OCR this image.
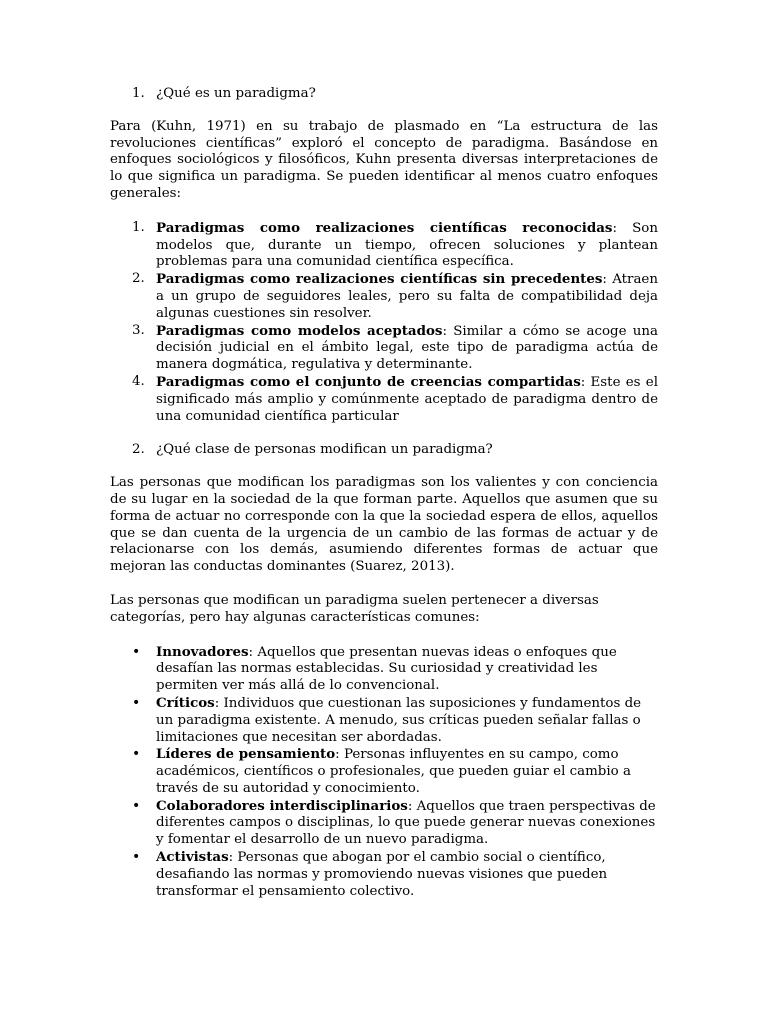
1. ¿Qué es un paradigma?

Para (Kuhn, 1971) en su trabajo de plasmado en “La estructura de las revoluciones científicas” exploró el concepto de paradigma. Basándose en enfoques sociológicos y filosóficos, Kuhn presenta diversas interpretaciones de lo que significa un paradigma. Se pueden identificar al menos cuatro enfoques generales:

1. Paradigmas como realizaciones científicas reconocidas: Son modelos que, durante un tiempo, ofrecen soluciones y plantean problemas para una comunidad científica específica.
2. Paradigmas como realizaciones científicas sin precedentes: Atraen a un grupo de seguidores leales, pero su falta de compatibilidad deja algunas cuestiones sin resolver.
3. Paradigmas como modelos aceptados: Similar a cómo se acoge una decisión judicial en el ámbito legal, este tipo de paradigma actúa de manera dogmática, regulativa y determinante.
4. Paradigmas como el conjunto de creencias compartidas: Este es el significado más amplio y comúnmente aceptado de paradigma dentro de una comunidad científica particular
2. ¿Qué clase de personas modifican un paradigma?

Las personas que modifican los paradigmas son los valientes y con conciencia de su lugar en la sociedad de la que forman parte. Aquellos que asumen que su forma de actuar no corresponde con la que la sociedad espera de ellos, aquellos que se dan cuenta de la urgencia de un cambio de las formas de actuar y de relacionarse con los demás, asumiendo diferentes formas de actuar que mejoran las conductas dominantes (Suarez, 2013).

Las personas que modifican un paradigma suelen pertenecer a diversas categorías, pero hay algunas características comunes:

• Innovadores: Aquellos que presentan nuevas ideas o enfoques que desafían las normas establecidas. Su curiosidad y creatividad les permiten ver más allá de lo convencional.
• Críticos: Individuos que cuestionan las suposiciones y fundamentos de un paradigma existente. A menudo, sus críticas pueden señalar fallas o limitaciones que necesitan ser abordadas.
• Líderes de pensamiento: Personas influyentes en su campo, como académicos, científicos o profesionales, que pueden guiar el cambio a través de su autoridad y conocimiento.
• Colaboradores interdisciplinarios: Aquellos que traen perspectivas de diferentes campos o disciplinas, lo que puede generar nuevas conexiones y fomentar el desarrollo de un nuevo paradigma.
• Activistas: Personas que abogan por el cambio social o científico, desafiando las normas y promoviendo nuevas visiones que pueden transformar el pensamiento colectivo.
